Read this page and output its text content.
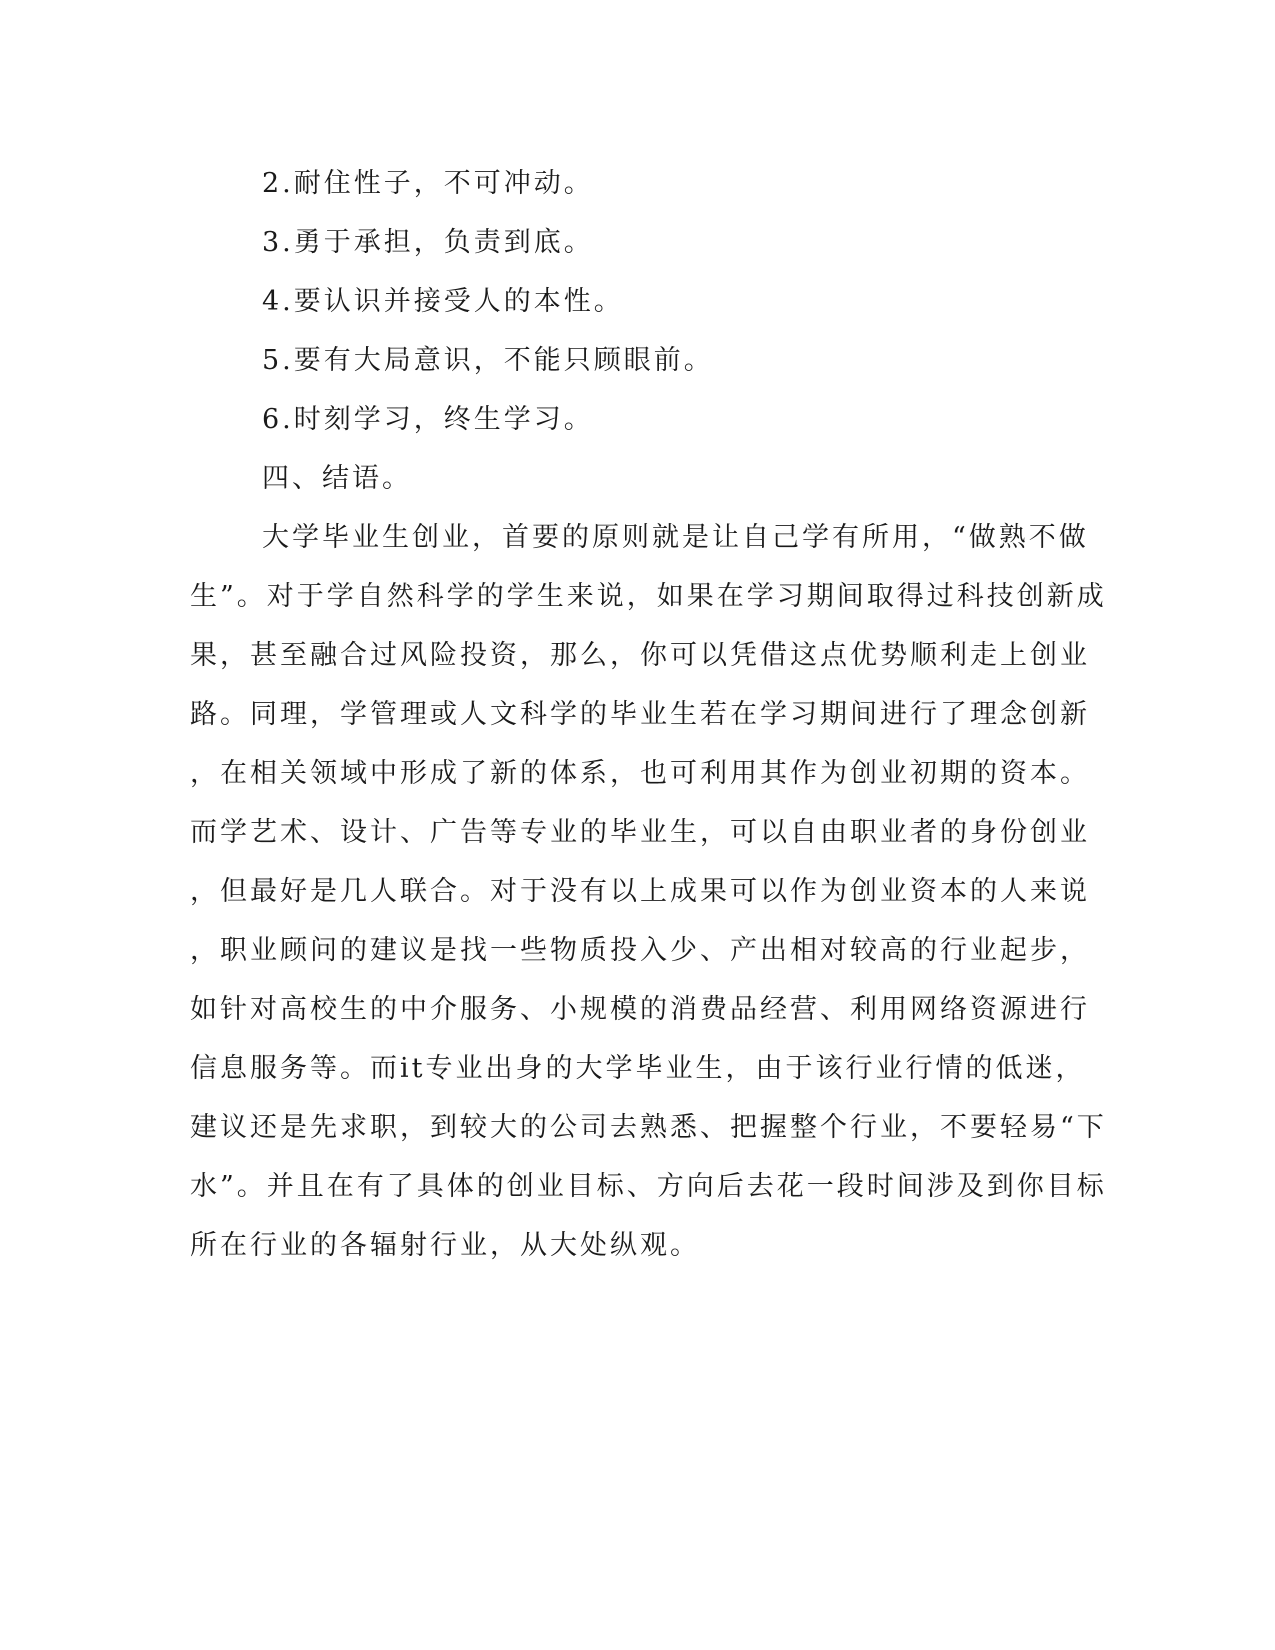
2.耐住性子，不可冲动。
3.勇于承担，负责到底。
4.要认识并接受人的本性。
5.要有大局意识，不能只顾眼前。
6.时刻学习，终生学习。
四、结语。
大学毕业生创业，首要的原则就是让自己学有所用，“做熟不做
生”。对于学自然科学的学生来说，如果在学习期间取得过科技创新成
果，甚至融合过风险投资，那么，你可以凭借这点优势顺利走上创业
路。同理，学管理或人文科学的毕业生若在学习期间进行了理念创新
，在相关领域中形成了新的体系，也可利用其作为创业初期的资本。
而学艺术、设计、广告等专业的毕业生，可以自由职业者的身份创业
，但最好是几人联合。对于没有以上成果可以作为创业资本的人来说
，职业顾问的建议是找一些物质投入少、产出相对较高的行业起步，
如针对高校生的中介服务、小规模的消费品经营、利用网络资源进行
信息服务等。而it专业出身的大学毕业生，由于该行业行情的低迷，
建议还是先求职，到较大的公司去熟悉、把握整个行业，不要轻易“下
水”。并且在有了具体的创业目标、方向后去花一段时间涉及到你目标
所在行业的各辐射行业，从大处纵观。
